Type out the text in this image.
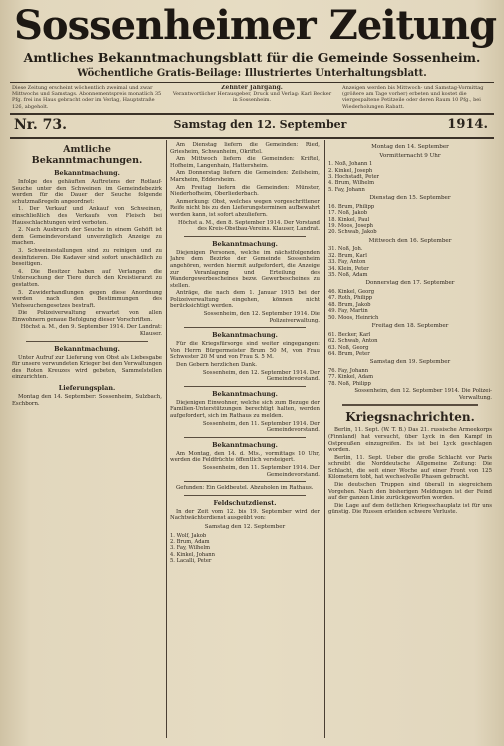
Sossenheimer Zeitung
Amtliches Bekanntmachungsblatt für die Gemeinde Sossenheim.
Wöchentliche Gratis-Beilage: Illustriertes Unterhaltungsblatt.
Diese Zeitung erscheint wöchentlich zweimal und zwar Mittwochs und Samstags. Abonnementspreis monatlich 35 Pfg. frei ins Haus gebracht oder im Verlag, Hauptstraße 126, abgeholt.
Zehnter Jahrgang.
Verantwortlicher Herausgeber, Druck und Verlag: Karl Becker in Sossenheim.
Anzeigen werden bis Mittwoch- und Samstag-Vormittag (größere am Tage vorher) erbeten und kostet die viergespaltene Petitzeile oder deren Raum 10 Pfg., bei Wiederholungen Rabatt.
Nr. 73.	Samstag den 12. September	1914.
Amtliche Bekanntmachungen.
Bekanntmachung.

Infolge des gehäuften Auftretens der Rotlauf-Seuche unter den Schweinen im Gemeindebezirk werden für die Dauer der Seuche folgende schutzmaßregeln angeordnet:

1. Der Verkauf und Ankauf von Schweinen, einschließlich des Verkaufs von Fleisch bei Hausschlachtungen wird verboten.

2. Nach Ausbruch der Seuche in einem Gehöft ist dem Gemeindevorstand unverzüglich Anzeige zu machen.

3. Schweinestallungen sind zu reinigen und zu desinfizieren. Die Kadaver sind sofort unschädlich zu beseitigen.

4. Die Besitzer haben auf Verlangen die Untersuchung der Tiere durch den Kreistierarzt zu gestatten.

5. Zuwiderhandlungen gegen diese Anordnung werden nach den Bestimmungen des Viehseuchengesetzes bestraft.

Die Polizeiverwaltung erwartet von allen Einwohnern genaue Befolgung dieser Vorschriften.

Höchst a. M., den 9. September 1914. Der Landrat: Klauser.
Bekanntmachung.

Unter Aufruf zur Lieferung von Obst als Liebesgabe für unsere verwundeten Krieger bei den Verwaltungen des Roten Kreuzes wird gebeten, Sammelstellen einzurichten.

Lieferungsplan.

Montag den 14. September: Sossenheim, Sulzbach, Eschborn.

Am Dienstag liefern die Gemeinden: Ried, Griesheim, Schwanheim, Okriftel.

Am Mittwoch liefern die Gemeinden: Kriftel, Hofheim, Langenhain, Hattersheim.

Am Donnerstag liefern die Gemeinden: Zeilsheim, Marxheim, Eddersheim.

Am Freitag liefern die Gemeinden: Münster, Niederhofheim, Oberliederbach.

Anmerkung: Obst, welches wegen vorgeschrittener Reife nicht bis zu den Lieferungsterminen aufbewahrt werden kann, ist sofort abzuliefern.

Höchst a. M., den 8. September 1914. Der Vorstand des Kreis-Obstbau-Vereins. Klauser, Landrat.
Bekanntmachung.

Diejenigen Personen, welche im nächstfolgenden Jahre dem Bezirke der Gemeinde Sossenheim angehören, werden hiermit aufgefordert, die Anzeige zur Veranlagung und Erteilung des Wandergewerbescheines bezw. Gewerbescheines zu stellen.

Anträge, die nach dem 1. Januar 1915 bei der Polizeiverwaltung eingehen, können nicht berücksichtigt werden.

Sossenheim, den 12. September 1914. Die Polizeiverwaltung.
Bekanntmachung.

Für die Kriegsfürsorge sind weiter eingegangen: Von Herrn Bürgermeister Brum 50 M, von Frau Schwester 20 M und von Frau S. 5 M.

Den Gebern herzlichen Dank.

Sossenheim, den 12. September 1914. Der Gemeindevorstand.
Bekanntmachung.

Diejenigen Einwohner, welche sich zum Bezuge der Familien-Unterstützungen berechtigt halten, werden aufgefordert, sich im Rathaus zu melden.

Sossenheim, den 11. September 1914. Der Gemeindevorstand.
Bekanntmachung.

Am Montag, den 14. d. Mts., vormittags 10 Uhr, werden die Feldfrüchte öffentlich versteigert.

Sossenheim, den 11. September 1914. Der Gemeindevorstand.

Gefunden: Ein Geldbeutel. Abzuholen im Rathaus.

Feldschutzdienst.

In der Zeit vom 12. bis 19. September wird der Nachtwächterdienst ausgeübt von:

Samstag den 12. September
1. Wolf, Jakob
2. Brum, Adam
3. Fay, Wilhelm
4. Kinkel, Johann
5. Lacalli, Peter
Montag den 14. September
Vormitternacht 9 Uhr
1. Noß, Johann 1
2. Kinkel, Joseph
3. Hochstadt, Peter
4. Brum, Wilhelm
5. Fay, Johann
Dienstag den 15. September
16. Brum, Philipp
17. Noß, Jakob
18. Kinkel, Paul
19. Moos, Joseph
20. Schwab, Jakob
Mittwoch den 16. September
31. Noß, Joh.
32. Brum, Karl
33. Fay, Anton
34. Klein, Peter
35. Noß, Adam
Donnerstag den 17. September
46. Kinkel, Georg
47. Roth, Philipp
48. Brum, Jakob
49. Fay, Martin
50. Moos, Heinrich
Freitag den 18. September
61. Becker, Karl
62. Schwab, Anton
63. Noß, Georg
64. Brum, Peter
Samstag den 19. September
76. Fay, Johann
77. Kinkel, Adam
78. Noß, Philipp
Sossenheim, den 12. September 1914. Die Polizei-Verwaltung.
Kriegsnachrichten.

Berlin, 11. Sept. (W. T. B.) Das 21. russische Armeekorps (Finnland) hat versucht, über Lyck in den Kampf in Ostpreußen einzugreifen. Es ist bei Lyck geschlagen worden.

Berlin, 11. Sept. Ueber die große Schlacht vor Paris schreibt die Norddeutsche Allgemeine Zeitung: Die Schlacht, die seit einer Woche auf einer Front von 125 Kilometern tobt, hat wechselvolle Phasen gebracht.

Die deutschen Truppen sind überall in siegreichem Vorgehen. Nach den bisherigen Meldungen ist der Feind auf der ganzen Linie zurückgeworfen worden.

Die Lage auf dem östlichen Kriegsschauplatz ist für uns günstig. Die Russen erleiden schwere Verluste.
